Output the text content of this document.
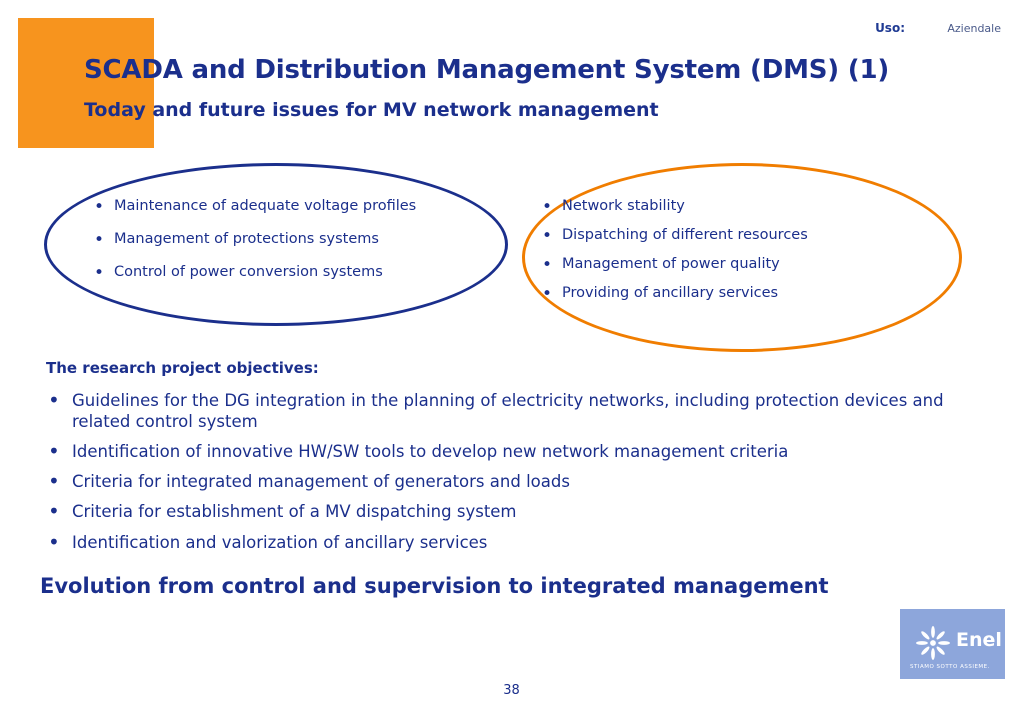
Uso:	Aziendale
SCADA and Distribution Management System (DMS) (1)
Today and future issues for MV network management
• Maintenance of adequate voltage profiles
• Management of protections systems
• Control of power conversion systems
• Network stability
• Dispatching of different resources
• Management of power quality
• Providing of ancillary services
The research project objectives:
• Guidelines for the DG integration in the planning of electricity networks, including protection devices and related control system
• Identification of innovative HW/SW tools to develop new network management criteria
• Criteria for integrated management of generators and loads
• Criteria for establishment of a MV dispatching system
• Identification and valorization of ancillary services
Evolution from control and supervision to integrated management
Enel
STIAMO SOTTO ASSIEME.
38
